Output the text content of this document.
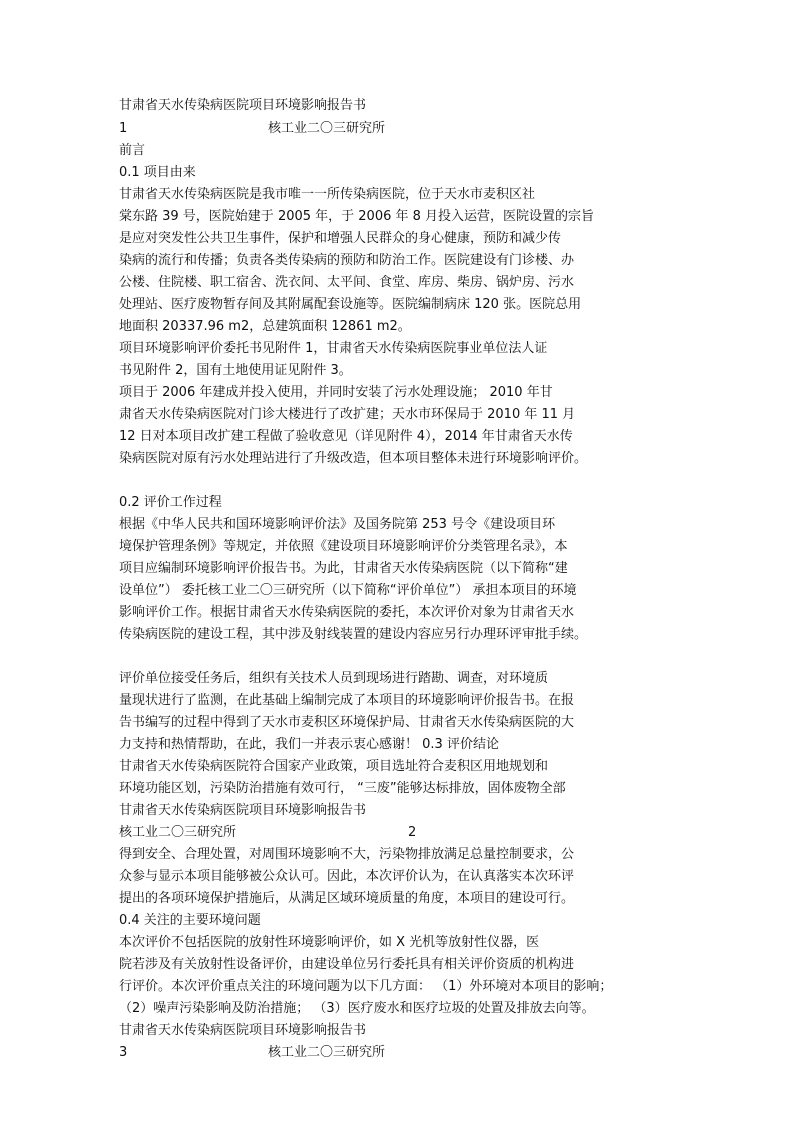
甘肃省天水传染病医院项目环境影响报告书
1	核工业二〇三研究所
前言
0.1 项目由来
甘肃省天水传染病医院是我市唯一一所传染病医院，位于天水市麦积区社
棠东路 39 号，医院始建于 2005 年，于 2006 年 8 月投入运营，医院设置的宗旨
是应对突发性公共卫生事件，保护和增强人民群众的身心健康，预防和减少传
染病的流行和传播；负责各类传染病的预防和防治工作。医院建设有门诊楼、办
公楼、住院楼、职工宿舍、洗衣间、太平间、食堂、库房、柴房、锅炉房、污水
处理站、医疗废物暂存间及其附属配套设施等。医院编制病床 120 张。医院总用
地面积 20337.96 m2，总建筑面积 12861 m2。
项目环境影响评价委托书见附件 1，甘肃省天水传染病医院事业单位法人证
书见附件 2，国有土地使用证见附件 3。
项目于 2006 年建成并投入使用，并同时安装了污水处理设施； 2010 年甘
肃省天水传染病医院对门诊大楼进行了改扩建；天水市环保局于 2010 年 11 月
12 日对本项目改扩建工程做了验收意见（详见附件 4），2014 年甘肃省天水传
染病医院对原有污水处理站进行了升级改造，但本项目整体未进行环境影响评价。
0.2 评价工作过程
根据《中华人民共和国环境影响评价法》及国务院第 253 号令《建设项目环
境保护管理条例》等规定，并依照《建设项目环境影响评价分类管理名录》，本
项目应编制环境影响评价报告书。为此，甘肃省天水传染病医院（以下简称“建
设单位”） 委托核工业二〇三研究所（以下简称“评价单位”） 承担本项目的环境
影响评价工作。根据甘肃省天水传染病医院的委托，本次评价对象为甘肃省天水
传染病医院的建设工程，其中涉及射线装置的建设内容应另行办理环评审批手续。
评价单位接受任务后，组织有关技术人员到现场进行踏勘、调查，对环境质
量现状进行了监测，在此基础上编制完成了本项目的环境影响评价报告书。在报
告书编写的过程中得到了天水市麦积区环境保护局、甘肃省天水传染病医院的大
力支持和热情帮助，在此，我们一并表示衷心感谢！ 0.3 评价结论
甘肃省天水传染病医院符合国家产业政策，项目选址符合麦积区用地规划和
环境功能区划，污染防治措施有效可行， “三废”能够达标排放，固体废物全部
甘肃省天水传染病医院项目环境影响报告书
核工业二〇三研究所	2
得到安全、合理处置，对周围环境影响不大，污染物排放满足总量控制要求，公
众参与显示本项目能够被公众认可。因此，本次评价认为，在认真落实本次环评
提出的各项环境保护措施后，从满足区域环境质量的角度，本项目的建设可行。
0.4 关注的主要环境问题
本次评价不包括医院的放射性环境影响评价，如 X 光机等放射性仪器，医
院若涉及有关放射性设备评价，由建设单位另行委托具有相关评价资质的机构进
行评价。本次评价重点关注的环境问题为以下几方面： （1）外环境对本项目的影响；
（2）噪声污染影响及防治措施； （3）医疗废水和医疗垃圾的处置及排放去向等。
甘肃省天水传染病医院项目环境影响报告书
3	核工业二〇三研究所
